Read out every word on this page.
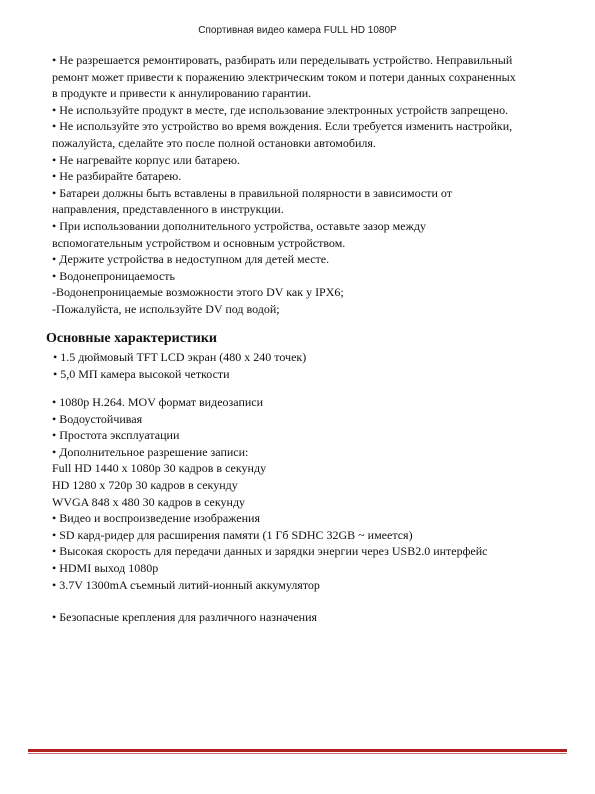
Спортивная видео камера FULL HD 1080P
• Не разрешается ремонтировать, разбирать или переделывать устройство. Неправильный
ремонт может привести к поражению электрическим током и потери данных сохраненных
в продукте и привести к аннулированию гарантии.
• Не используйте продукт в месте, где использование электронных устройств запрещено.
• Не используйте это устройство во время вождения. Если требуется изменить настройки,
пожалуйста, сделайте это после полной остановки автомобиля.
• Не нагревайте корпус или батарею.
• Не разбирайте батарею.
• Батареи должны быть вставлены в правильной полярности в зависимости от
направления, представленного в инструкции.
• При использовании дополнительного устройства, оставьте зазор между
вспомогательным устройством и основным устройством.
• Держите устройства в недоступном для детей месте.
• Водонепроницаемость
-Водонепроницаемые возможности этого DV как у IPX6;
-Пожалуйста, не используйте DV под водой;
Основные характеристики
• 1.5 дюймовый TFT LCD экран (480 x 240 точек)
• 5,0 МП камера высокой четкости
• 1080p H.264. MOV формат видеозаписи
• Водоустойчивая
• Простота эксплуатации
• Дополнительное разрешение записи:
Full HD 1440 x 1080p 30 кадров в секунду
HD 1280 x 720p 30 кадров в секунду
WVGA 848 x 480 30 кадров в секунду
• Видео и воспроизведение изображения
• SD кард-ридер для расширения памяти (1 Гб SDHC 32GB ~ имеется)
• Высокая скорость для передачи данных и зарядки энергии через USB2.0 интерфейс
• HDMI выход 1080p
• 3.7V 1300mA съемный литий-ионный аккумулятор
• Безопасные крепления для различного назначения
